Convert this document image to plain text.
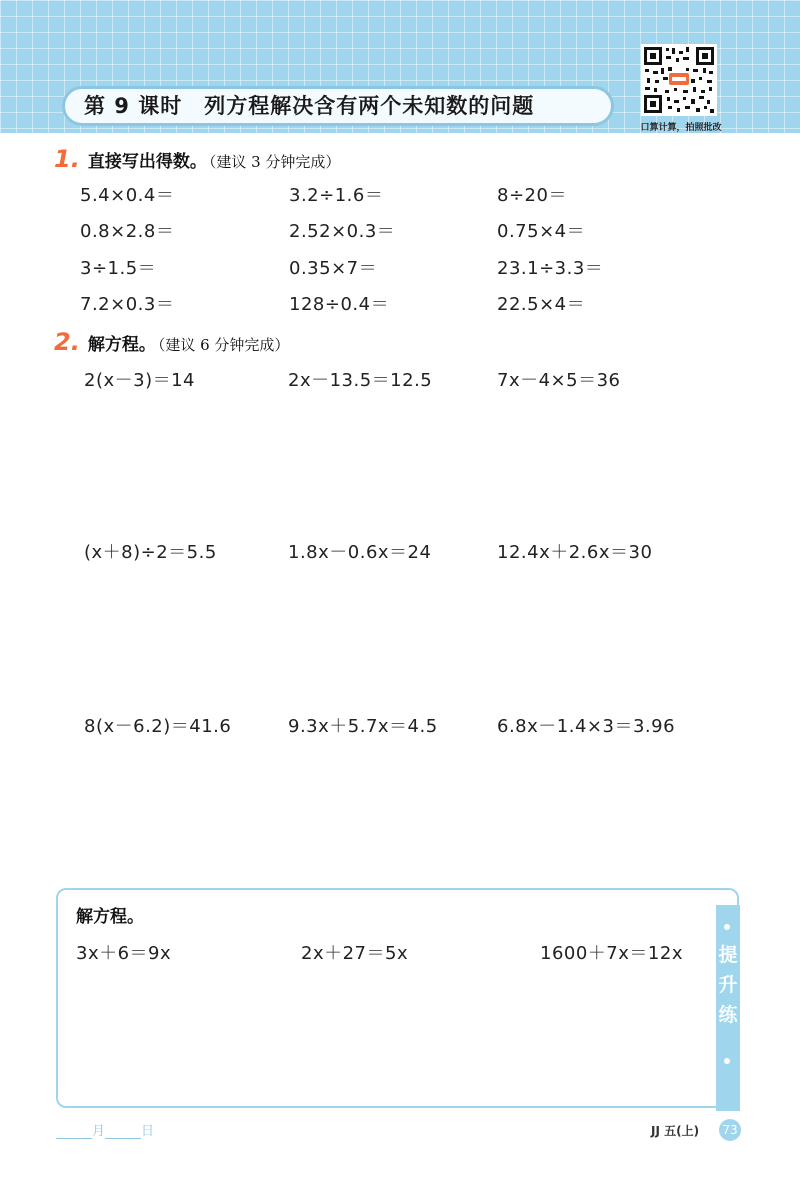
第 9 课时　列方程解决含有两个未知数的问题
口算计算，拍照批改
1. 直接写出得数。 （建议 3 分钟完成）
5.4×0.4＝	3.2÷1.6＝	8÷20＝
0.8×2.8＝	2.52×0.3＝	0.75×4＝
3÷1.5＝	0.35×7＝	23.1÷3.3＝
7.2×0.3＝	128÷0.4＝	22.5×4＝
2. 解方程。 （建议 6 分钟完成）
2(x－3)＝14	2x－13.5＝12.5	7x－4×5＝36
(x＋8)÷2＝5.5	1.8x－0.6x＝24	12.4x＋2.6x＝30
8(x－6.2)＝41.6	9.3x＋5.7x＝4.5	6.8x－1.4×3＝3.96
提
升
练
解方程。
3x＋6＝9x	2x＋27＝5x	1600＋7x＝12x
月	日	JJ 五(上) 73
